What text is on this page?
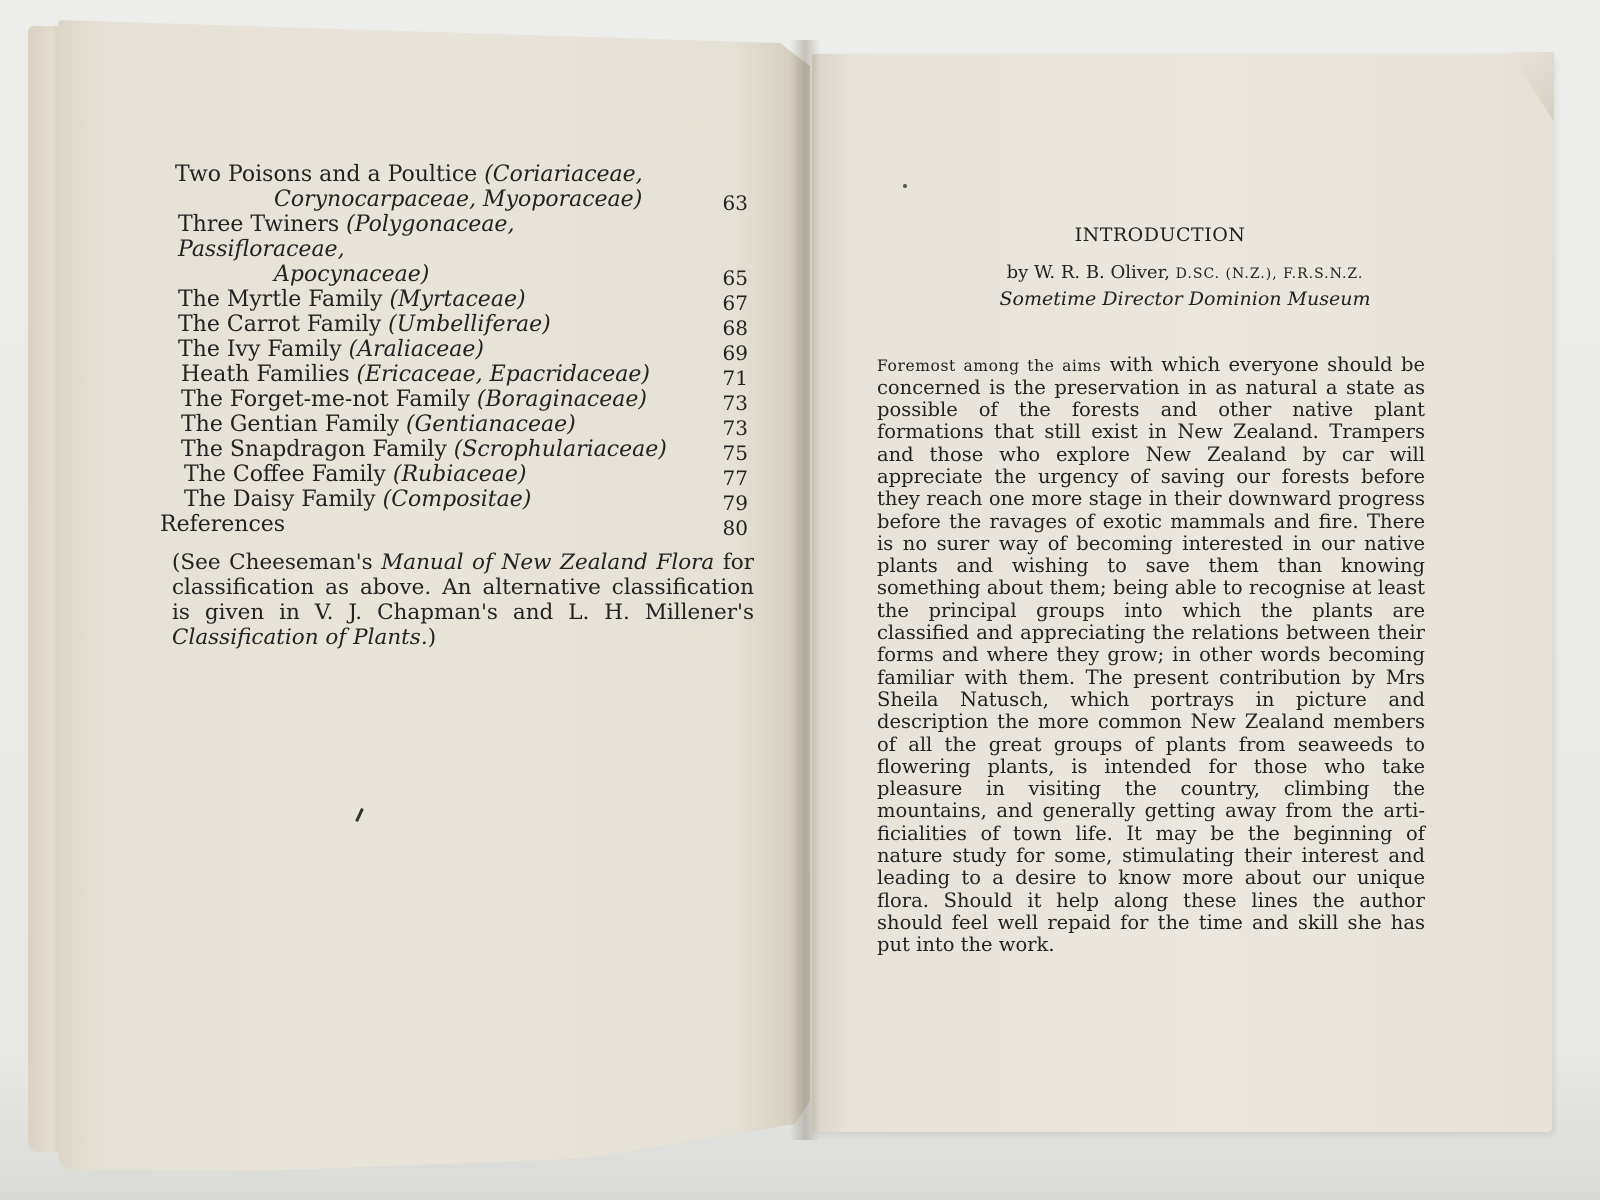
Two Poisons and a Poultice (Coriariaceae,
Corynocarpaceae, Myoporaceae)	63
Three Twiners (Polygonaceae, Passifloraceae,
Apocynaceae)	65
The Myrtle Family (Myrtaceae)	67
The Carrot Family (Umbelliferae)	68
The Ivy Family (Araliaceae)	69
Heath Families (Ericaceae, Epacridaceae)	71
The Forget-me-not Family (Boraginaceae)	73
The Gentian Family (Gentianaceae)	73
The Snapdragon Family (Scrophulariaceae)	75
The Coffee Family (Rubiaceae)	77
The Daisy Family (Compositae)	79
References	80

(See Cheeseman's Manual of New Zealand Flora for classification as above. An alternative classification is given in V. J. Chapman's and L. H. Millener's Classification of Plants.)

INTRODUCTION
by W. R. B. Oliver, D.SC. (N.Z.), F.R.S.N.Z.
Sometime Director Dominion Museum

Foremost among the aims with which everyone should be concerned is the preservation in as natural a state as possible of the forests and other native plant formations that still exist in New Zealand. Trampers and those who explore New Zealand by car will appreciate the urgency of saving our forests before they reach one more stage in their downward progress before the ravages of exotic mammals and fire. There is no surer way of becoming interested in our native plants and wishing to save them than knowing something about them; being able to recognise at least the principal groups into which the plants are classified and appreciating the relations between their forms and where they grow; in other words becoming familiar with them. The present contribution by Mrs Sheila Natusch, which portrays in picture and description the more common New Zealand members of all the great groups of plants from seaweeds to flowering plants, is intended for those who take pleasure in visiting the country, climbing the mountains, and generally getting away from the artificialities of town life. It may be the beginning of nature study for some, stimulating their interest and leading to a desire to know more about our unique flora. Should it help along these lines the author should feel well repaid for the time and skill she has put into the work.
